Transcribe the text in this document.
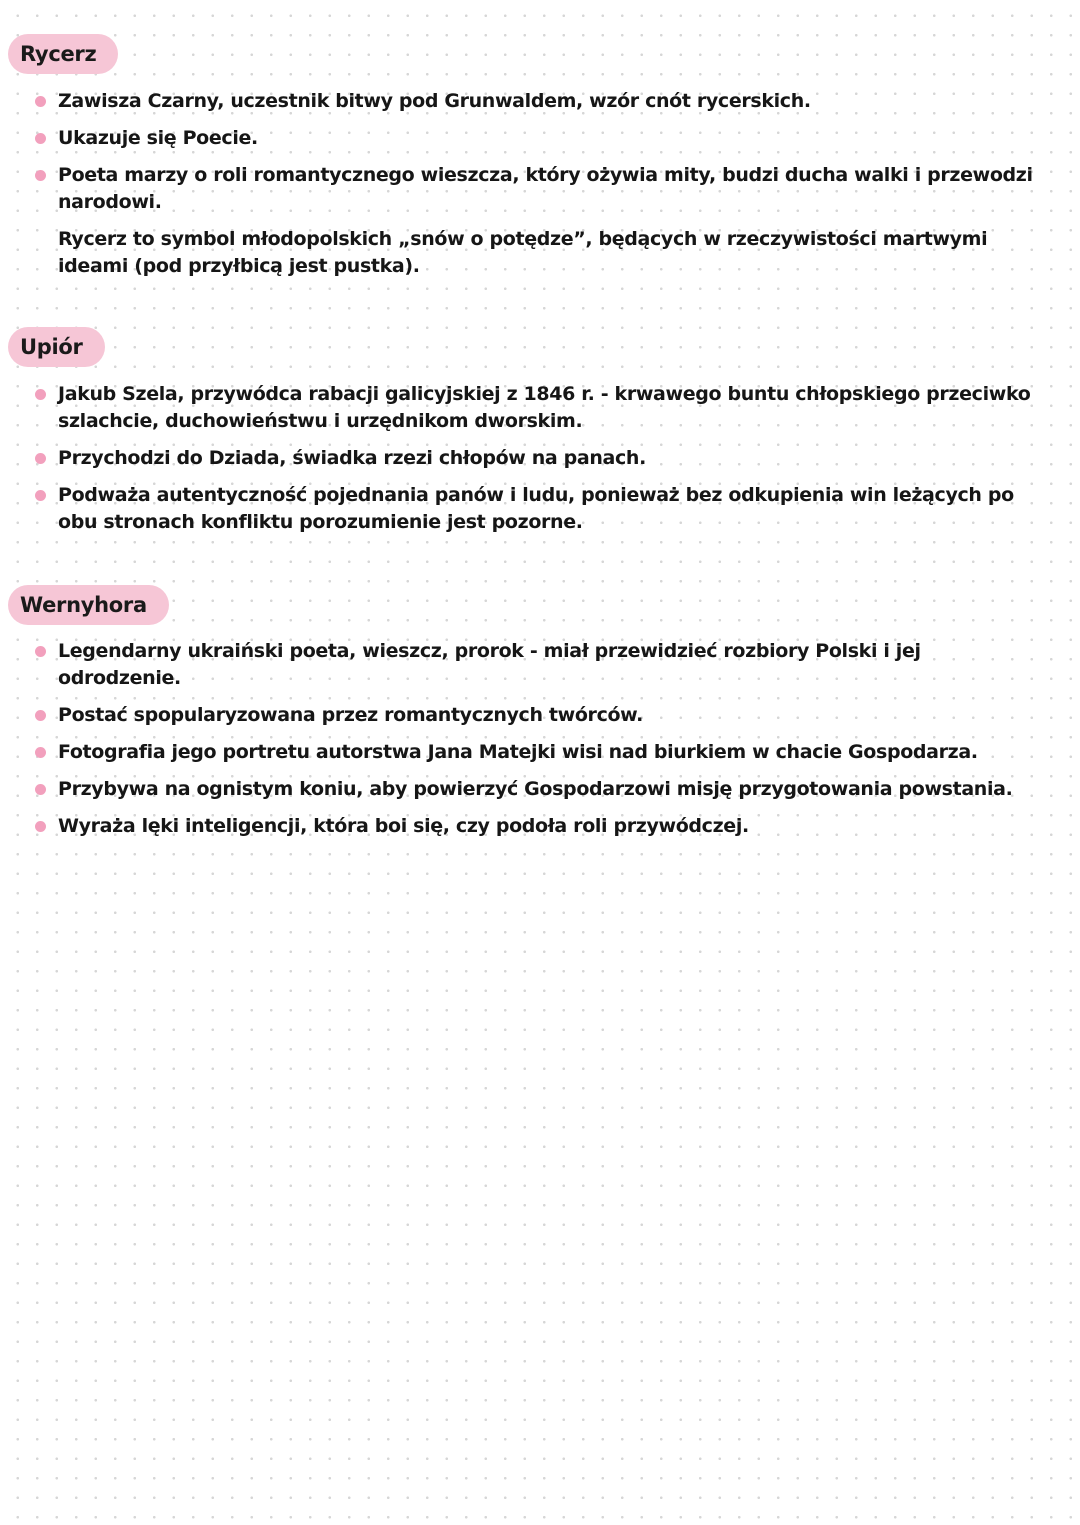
Rycerz
Zawisza Czarny, uczestnik bitwy pod Grunwaldem, wzór cnót rycerskich.
Ukazuje się Poecie.
Poeta marzy o roli romantycznego wieszcza, który ożywia mity, budzi ducha walki i przewodzi narodowi.
Rycerz to symbol młodopolskich „snów o potędze”, będących w rzeczywistości martwymi ideami (pod przyłbicą jest pustka).
Upiór
Jakub Szela, przywódca rabacji galicyjskiej z 1846 r. - krwawego buntu chłopskiego przeciwko szlachcie, duchowieństwu i urzędnikom dworskim.
Przychodzi do Dziada, świadka rzezi chłopów na panach.
Podważa autentyczność pojednania panów i ludu, ponieważ bez odkupienia win leżących po obu stronach konfliktu porozumienie jest pozorne.
Wernyhora
Legendarny ukraiński poeta, wieszcz, prorok - miał przewidzieć rozbiory Polski i jej odrodzenie.
Postać spopularyzowana przez romantycznych twórców.
Fotografia jego portretu autorstwa Jana Matejki wisi nad biurkiem w chacie Gospodarza.
Przybywa na ognistym koniu, aby powierzyć Gospodarzowi misję przygotowania powstania.
Wyraża lęki inteligencji, która boi się, czy podoła roli przywódczej.
